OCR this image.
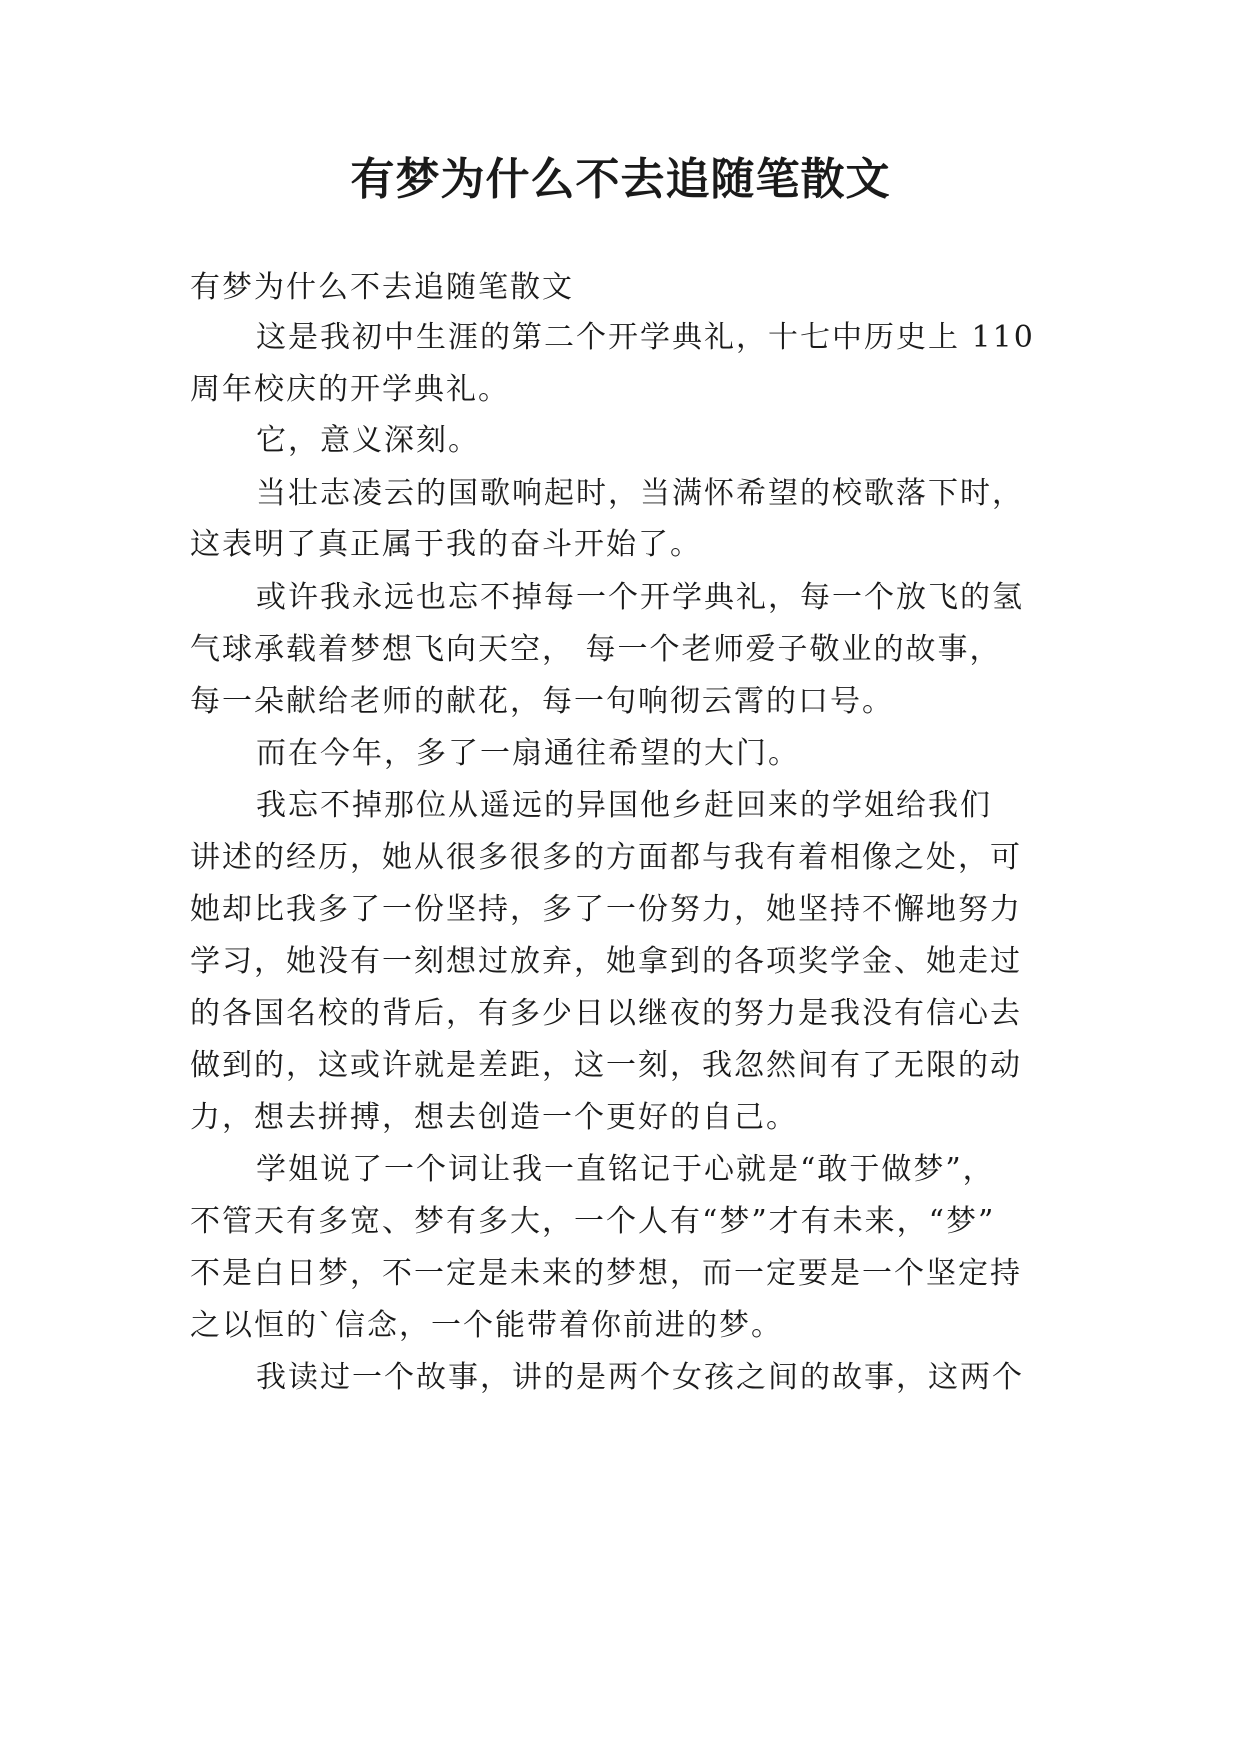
有梦为什么不去追随笔散文

有梦为什么不去追随笔散文

这是我初中生涯的第二个开学典礼，十七中历史上 110

周年校庆的开学典礼。

它，意义深刻。

当壮志凌云的国歌响起时，当满怀希望的校歌落下时，

这表明了真正属于我的奋斗开始了。

或许我永远也忘不掉每一个开学典礼，每一个放飞的氢

气球承载着梦想飞向天空， 每一个老师爱子敬业的故事，

每一朵献给老师的献花，每一句响彻云霄的口号。

而在今年，多了一扇通往希望的大门。

我忘不掉那位从遥远的异国他乡赶回来的学姐给我们

讲述的经历，她从很多很多的方面都与我有着相像之处，可

她却比我多了一份坚持，多了一份努力，她坚持不懈地努力

学习，她没有一刻想过放弃，她拿到的各项奖学金、她走过

的各国名校的背后，有多少日以继夜的努力是我没有信心去

做到的，这或许就是差距，这一刻，我忽然间有了无限的动

力，想去拼搏，想去创造一个更好的自己。

学姐说了一个词让我一直铭记于心就是“敢于做梦”，

不管天有多宽、梦有多大，一个人有“梦”才有未来，“梦”

不是白日梦，不一定是未来的梦想，而一定要是一个坚定持

之以恒的`信念，一个能带着你前进的梦。

我读过一个故事，讲的是两个女孩之间的故事，这两个
